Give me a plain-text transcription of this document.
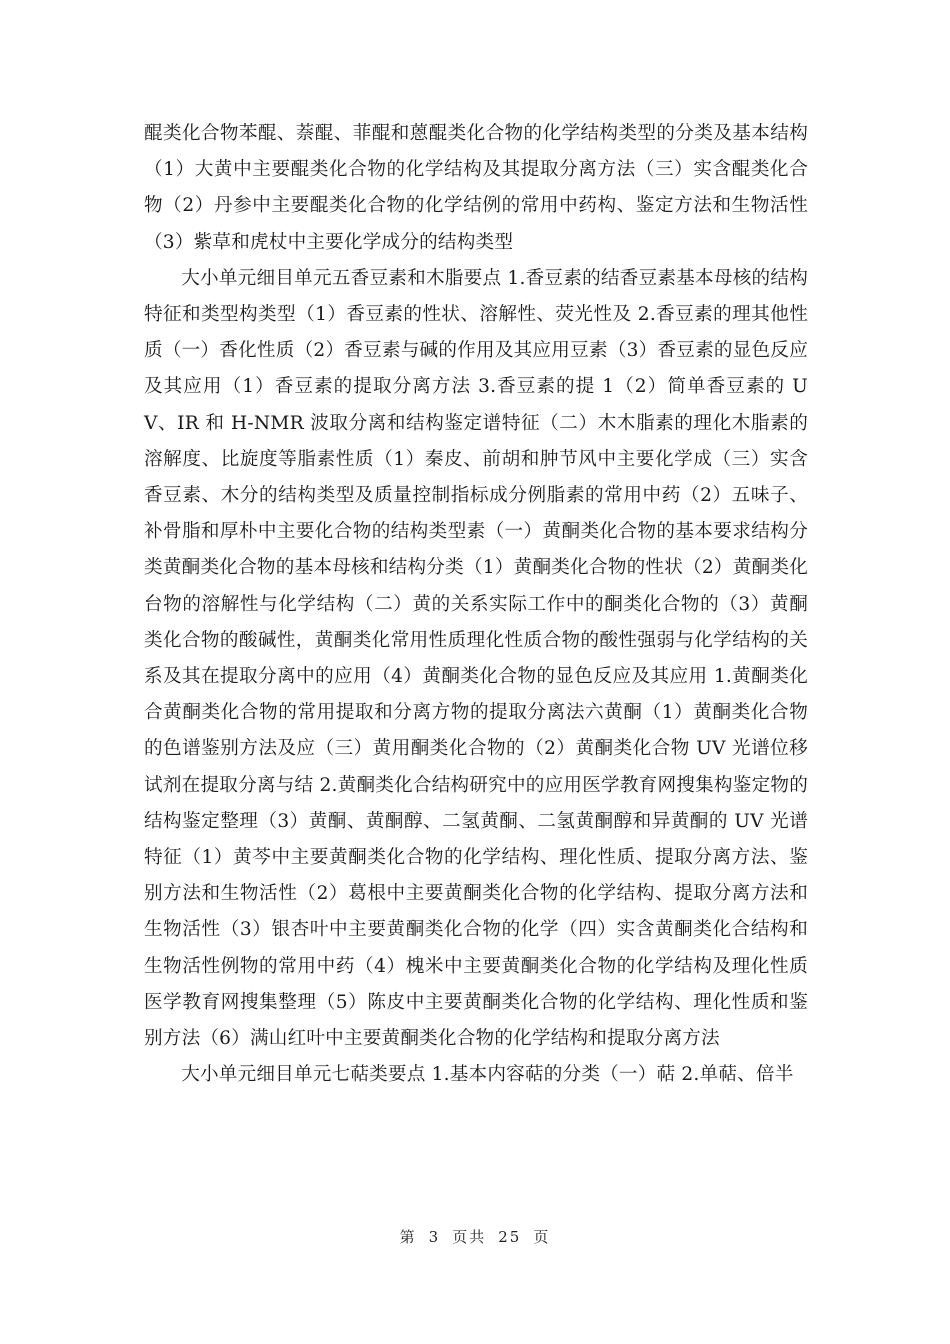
醌类化合物苯醌、萘醌、菲醌和蒽醌类化合物的化学结构类型的分类及基本结构（1）大黄中主要醌类化合物的化学结构及其提取分离方法（三）实含醌类化合物（2）丹参中主要醌类化合物的化学结例的常用中药构、鉴定方法和生物活性（3）紫草和虎杖中主要化学成分的结构类型

大小单元细目单元五香豆素和木脂要点 1.香豆素的结香豆素基本母核的结构特征和类型构类型（1）香豆素的性状、溶解性、荧光性及 2.香豆素的理其他性质（一）香化性质（2）香豆素与碱的作用及其应用豆素（3）香豆素的显色反应及其应用（1）香豆素的提取分离方法 3.香豆素的提 1（2）简单香豆素的 UV、IR 和 H-NMR 波取分离和结构鉴定谱特征（二）木木脂素的理化木脂素的溶解度、比旋度等脂素性质（1）秦皮、前胡和肿节风中主要化学成（三）实含香豆素、木分的结构类型及质量控制指标成分例脂素的常用中药（2）五味子、补骨脂和厚朴中主要化合物的结构类型素（一）黄酮类化合物的基本要求结构分类黄酮类化合物的基本母核和结构分类（1）黄酮类化合物的性状（2）黄酮类化台物的溶解性与化学结构（二）黄的关系实际工作中的酮类化合物的（3）黄酮类化合物的酸碱性，黄酮类化常用性质理化性质合物的酸性强弱与化学结构的关系及其在提取分离中的应用（4）黄酮类化合物的显色反应及其应用 1.黄酮类化合黄酮类化合物的常用提取和分离方物的提取分离法六黄酮（1）黄酮类化合物的色谱鉴别方法及应（三）黄用酮类化合物的（2）黄酮类化合物 UV 光谱位移试剂在提取分离与结 2.黄酮类化合结构研究中的应用医学教育网搜集构鉴定物的结构鉴定整理（3）黄酮、黄酮醇、二氢黄酮、二氢黄酮醇和异黄酮的 UV 光谱特征（1）黄芩中主要黄酮类化合物的化学结构、理化性质、提取分离方法、鉴别方法和生物活性（2）葛根中主要黄酮类化合物的化学结构、提取分离方法和生物活性（3）银杏叶中主要黄酮类化合物的化学（四）实含黄酮类化合结构和生物活性例物的常用中药（4）槐米中主要黄酮类化合物的化学结构及理化性质医学教育网搜集整理（5）陈皮中主要黄酮类化合物的化学结构、理化性质和鉴别方法（6）满山红叶中主要黄酮类化合物的化学结构和提取分离方法

大小单元细目单元七萜类要点 1.基本内容萜的分类（一）萜 2.单萜、倍半

第 3 页共 25 页
